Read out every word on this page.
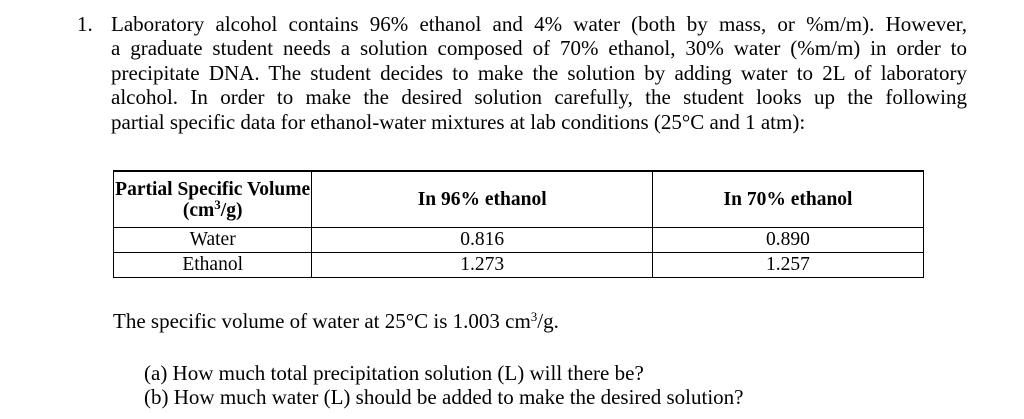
1. Laboratory alcohol contains 96% ethanol and 4% water (both by mass, or %m/m). However,
a graduate student needs a solution composed of 70% ethanol, 30% water (%m/m) in order to
precipitate DNA. The student decides to make the solution by adding water to 2L of laboratory
alcohol. In order to make the desired solution carefully, the student looks up the following
partial specific data for ethanol-water mixtures at lab conditions (25°C and 1 atm):
Partial Specific Volume
$(cm^3/g)$	In 96% ethanol	In 70% ethanol
Water	0.816	0.890
Ethanol	1.273	1.257
The specific volume of water at 25°C is 1.003 $cm^3/g$.
(a) How much total precipitation solution (L) will there be?
(b) How much water (L) should be added to make the desired solution?
